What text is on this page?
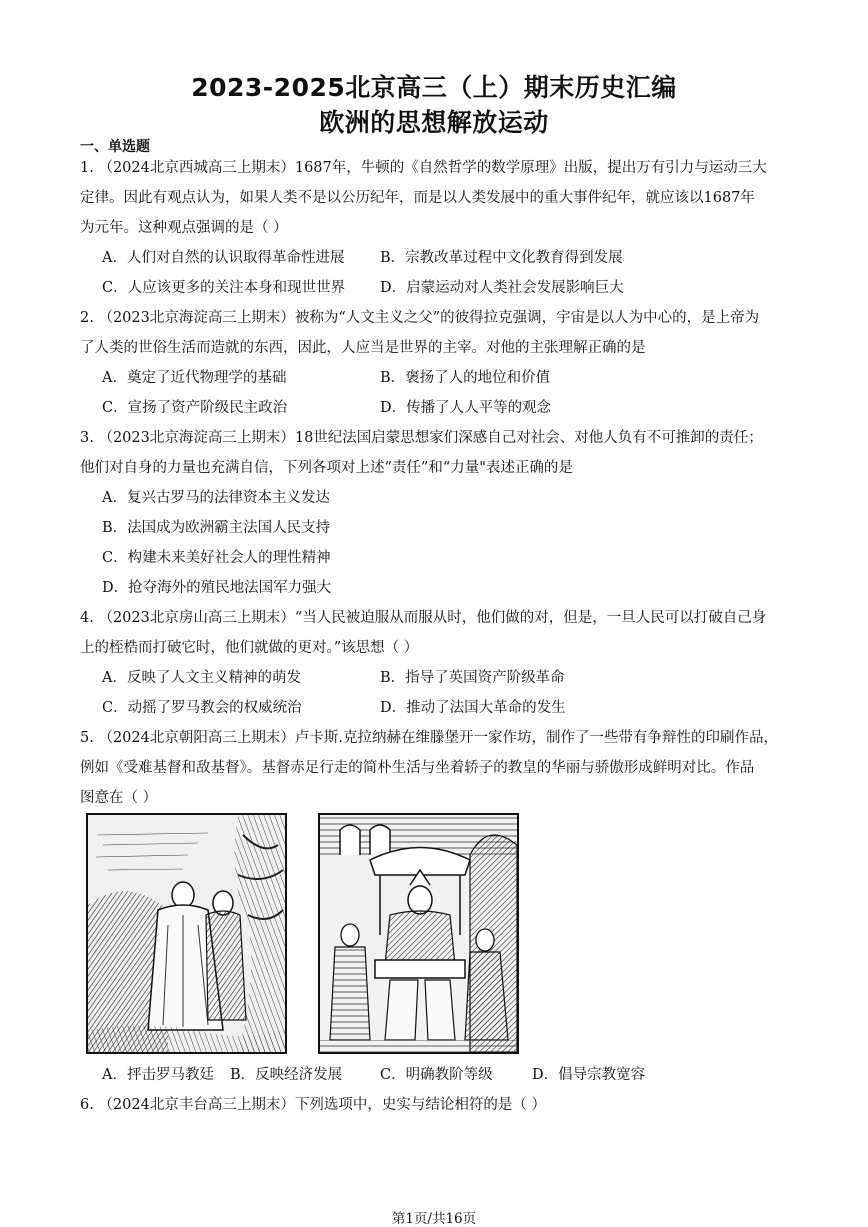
2023-2025北京高三（上）期末历史汇编
欧洲的思想解放运动
一、单选题
1. （2024北京西城高三上期末）1687年，牛顿的《自然哲学的数学原理》出版，提出万有引力与运动三大
定律。因此有观点认为，如果人类不是以公历纪年，而是以人类发展中的重大事件纪年，就应该以1687年
为元年。这种观点强调的是（ ）
A．人们对自然的认识取得革命性进展 B．宗教改革过程中文化教育得到发展
C．人应该更多的关注本身和现世世界 D．启蒙运动对人类社会发展影响巨大
2. （2023北京海淀高三上期末）被称为“人文主义之父”的彼得拉克强调，宇宙是以人为中心的，是上帝为
了人类的世俗生活而造就的东西，因此，人应当是世界的主宰。对他的主张理解正确的是
A．奠定了近代物理学的基础	B．褒扬了人的地位和价值
C．宣扬了资产阶级民主政治	D．传播了人人平等的观念
3. （2023北京海淀高三上期末）18世纪法国启蒙思想家们深感自己对社会、对他人负有不可推卸的责任；
他们对自身的力量也充满自信，下列各项对上述“责任”和“力量"表述正确的是
A．复兴古罗马的法律资本主义发达
B．法国成为欧洲霸主法国人民支持
C．构建未来美好社会人的理性精神
D．抢夺海外的殖民地法国军力强大
4. （2023北京房山高三上期末）“当人民被迫服从而服从时，他们做的对，但是，一旦人民可以打破自己身
上的桎梏而打破它时，他们就做的更对。”该思想（ ）
A．反映了人文主义精神的萌发	B．指导了英国资产阶级革命
C．动摇了罗马教会的权威统治	D．推动了法国大革命的发生
5. （2024北京朝阳高三上期末）卢卡斯.克拉纳赫在维滕堡开一家作坊，制作了一些带有争辩性的印刷作品，
例如《受难基督和敌基督》。基督赤足行走的简朴生活与坐着轿子的教皇的华丽与骄傲形成鲜明对比。作品
图意在（ ）
A．抨击罗马教廷 B．反映经济发展	C．明确教阶等级	D．倡导宗教宽容
6. （2024北京丰台高三上期末）下列选项中，史实与结论相符的是（ ）
第1页/共16页
